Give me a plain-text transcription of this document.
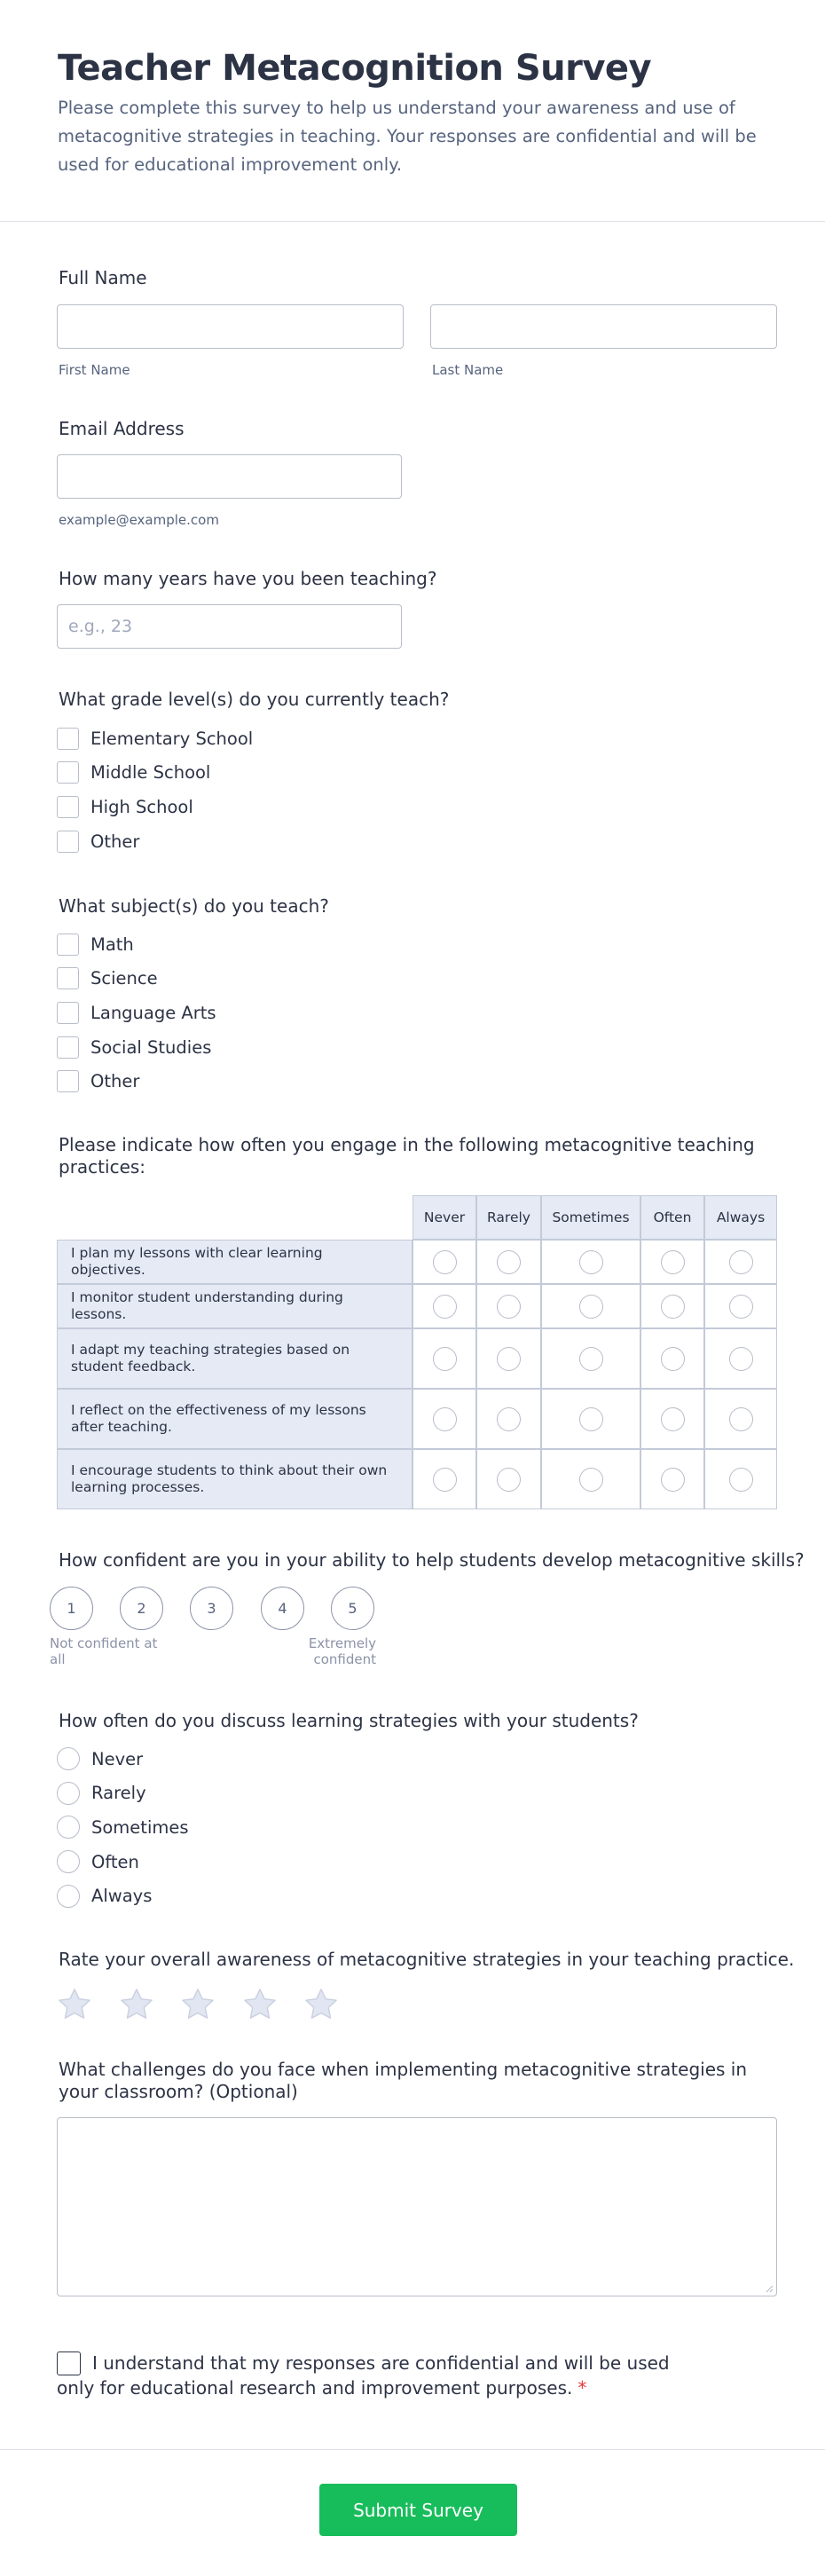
Teacher Metacognition Survey
Please complete this survey to help us understand your awareness and use of metacognitive strategies in teaching. Your responses are confidential and will be used for educational improvement only.
Full Name
First Name	Last Name
Email Address
example@example.com
How many years have you been teaching?
e.g., 23
What grade level(s) do you currently teach?
Elementary School
Middle School
High School
Other
What subject(s) do you teach?
Math
Science
Language Arts
Social Studies
Other
Please indicate how often you engage in the following metacognitive teaching practices:
Never	Rarely	Sometimes	Often	Always
I plan my lessons with clear learning objectives.
I monitor student understanding during lessons.
I adapt my teaching strategies based on student feedback.
I reflect on the effectiveness of my lessons after teaching.
I encourage students to think about their own learning processes.
How confident are you in your ability to help students develop metacognitive skills?
1	2	3	4	5
Not confident at all
Extremely confident
How often do you discuss learning strategies with your students?
Never
Rarely
Sometimes
Often
Always
Rate your overall awareness of metacognitive strategies in your teaching practice.
What challenges do you face when implementing metacognitive strategies in your classroom? (Optional)
I understand that my responses are confidential and will be used only for educational research and improvement purposes. *
Submit Survey
